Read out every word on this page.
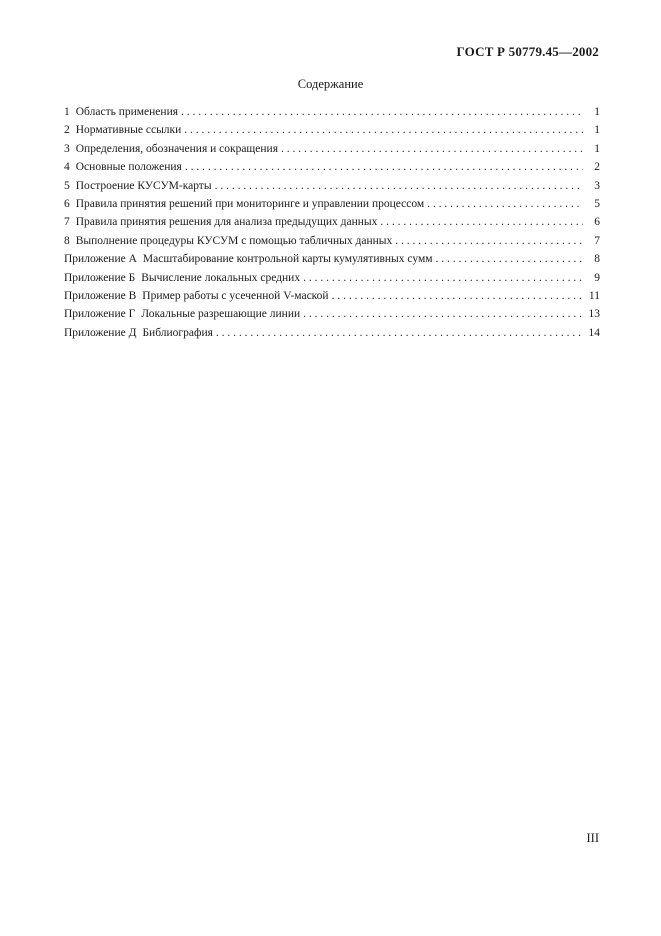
ГОСТ Р 50779.45—2002
Содержание
1 Область применения . . .	1
2 Нормативные ссылки . . .	1
3 Определения, обозначения и сокращения . . .	1
4 Основные положения . . .	2
5 Построение КУСУМ-карты . . .	3
6 Правила принятия решений при мониторинге и управлении процессом . . .	5
7 Правила принятия решения для анализа предыдущих данных . . .	6
8 Выполнение процедуры КУСУМ с помощью табличных данных . . .	7
Приложение А Масштабирование контрольной карты кумулятивных сумм . . .	8
Приложение Б Вычисление локальных средних . . .	9
Приложение В Пример работы с усеченной V-маской . . .	11
Приложение Г Локальные разрешающие линии . . .	13
Приложение Д Библиография . . .	14
III
